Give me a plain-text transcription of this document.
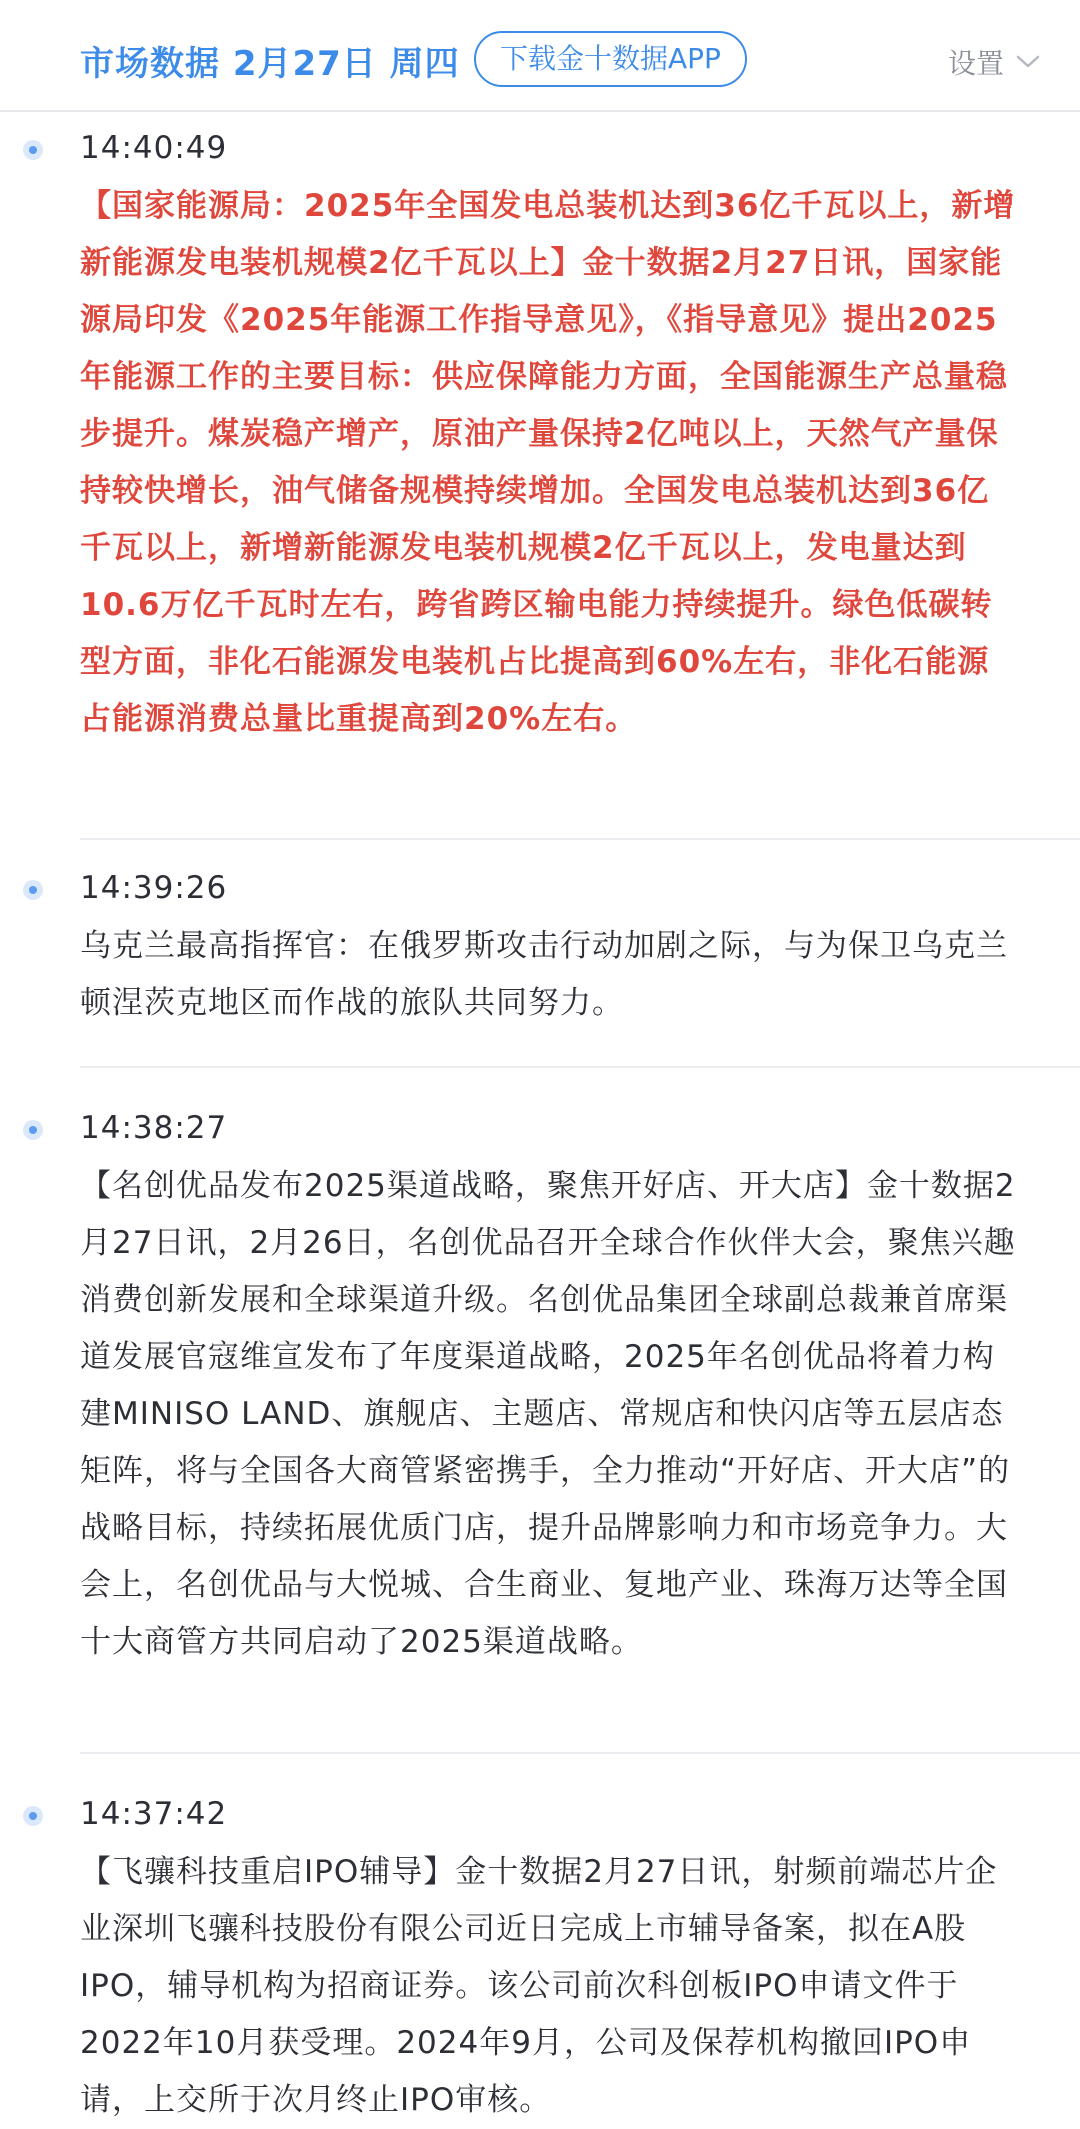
市场数据 2月27日 周四	下载金十数据APP	设置
14:40:49
【国家能源局：2025年全国发电总装机达到36亿千瓦以上，新增新能源发电装机规模2亿千瓦以上】金十数据2月27日讯，国家能源局印发《2025年能源工作指导意见》，《指导意见》提出2025年能源工作的主要目标：供应保障能力方面，全国能源生产总量稳步提升。煤炭稳产增产，原油产量保持2亿吨以上，天然气产量保持较快增长，油气储备规模持续增加。全国发电总装机达到36亿千瓦以上，新增新能源发电装机规模2亿千瓦以上，发电量达到10.6万亿千瓦时左右，跨省跨区输电能力持续提升。绿色低碳转型方面，非化石能源发电装机占比提高到60%左右，非化石能源占能源消费总量比重提高到20%左右。
14:39:26
乌克兰最高指挥官：在俄罗斯攻击行动加剧之际，与为保卫乌克兰顿涅茨克地区而作战的旅队共同努力。
14:38:27
【名创优品发布2025渠道战略，聚焦开好店、开大店】金十数据2月27日讯，2月26日，名创优品召开全球合作伙伴大会，聚焦兴趣消费创新发展和全球渠道升级。名创优品集团全球副总裁兼首席渠道发展官寇维宣发布了年度渠道战略，2025年名创优品将着力构建MINISO LAND、旗舰店、主题店、常规店和快闪店等五层店态矩阵，将与全国各大商管紧密携手，全力推动“开好店、开大店”的战略目标，持续拓展优质门店，提升品牌影响力和市场竞争力。大会上，名创优品与大悦城、合生商业、复地产业、珠海万达等全国十大商管方共同启动了2025渠道战略。
14:37:42
【飞骧科技重启IPO辅导】金十数据2月27日讯，射频前端芯片企业深圳飞骧科技股份有限公司近日完成上市辅导备案，拟在A股IPO，辅导机构为招商证券。该公司前次科创板IPO申请文件于2022年10月获受理。2024年9月，公司及保荐机构撤回IPO申请，上交所于次月终止IPO审核。
